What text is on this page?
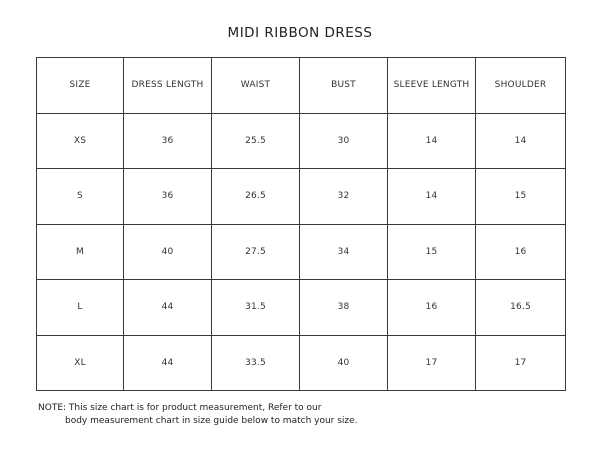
MIDI RIBBON DRESS
SIZE	DRESS LENGTH	WAIST	BUST	SLEEVE LENGTH	SHOULDER
XS	36	25.5	30	14	14
S	36	26.5	32	14	15
M	40	27.5	34	15	16
L	44	31.5	38	16	16.5
XL	44	33.5	40	17	17
NOTE: This size chart is for product measurement, Refer to our
body measurement chart in size guide below to match your size.
